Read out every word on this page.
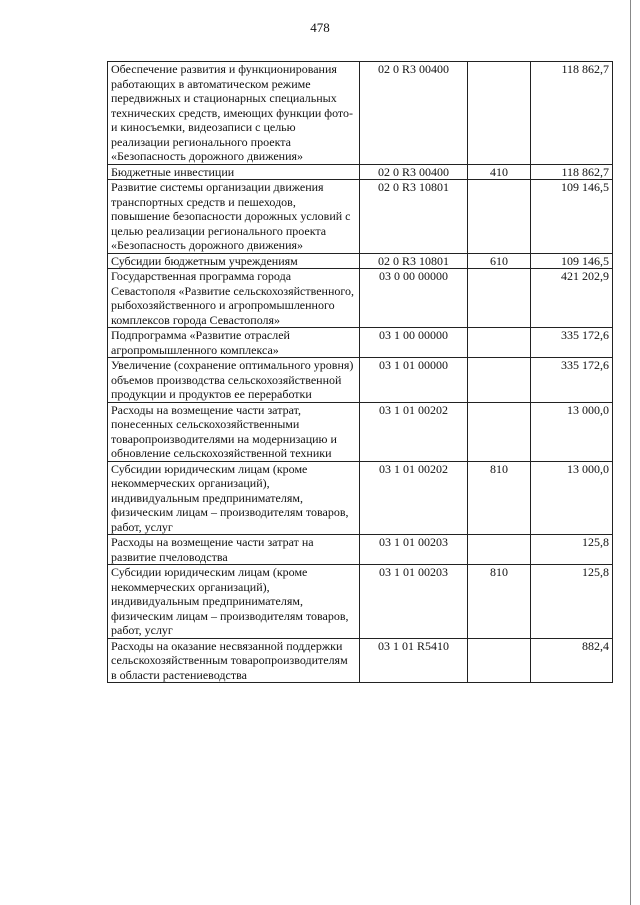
478
Обеспечение развития и функционирования работающих в автоматическом режиме передвижных и стационарных специальных технических средств, имеющих функции фото- и киносъемки, видеозаписи с целью реализации регионального проекта «Безопасность дорожного движения»	02 0 R3 00400		118 862,7
Бюджетные инвестиции	02 0 R3 00400	410	118 862,7
Развитие системы организации движения транспортных средств и пешеходов, повышение безопасности дорожных условий с целью реализации регионального проекта «Безопасность дорожного движения»	02 0 R3 10801		109 146,5
Субсидии бюджетным учреждениям	02 0 R3 10801	610	109 146,5
Государственная программа города Севастополя «Развитие сельскохозяйственного, рыбохозяйственного и агропромышленного комплексов города Севастополя»	03 0 00 00000		421 202,9
Подпрограмма «Развитие отраслей агропромышленного комплекса»	03 1 00 00000		335 172,6
Увеличение (сохранение оптимального уровня) объемов производства сельскохозяйственной продукции и продуктов ее переработки	03 1 01 00000		335 172,6
Расходы на возмещение части затрат, понесенных сельскохозяйственными товаропроизводителями на модернизацию и обновление сельскохозяйственной техники	03 1 01 00202		13 000,0
Субсидии юридическим лицам (кроме некоммерческих организаций), индивидуальным предпринимателям, физическим лицам – производителям товаров, работ, услуг	03 1 01 00202	810	13 000,0
Расходы на возмещение части затрат на развитие пчеловодства	03 1 01 00203		125,8
Субсидии юридическим лицам (кроме некоммерческих организаций), индивидуальным предпринимателям, физическим лицам – производителям товаров, работ, услуг	03 1 01 00203	810	125,8
Расходы на оказание несвязанной поддержки сельскохозяйственным товаропроизводителям в области растениеводства	03 1 01 R5410		882,4
